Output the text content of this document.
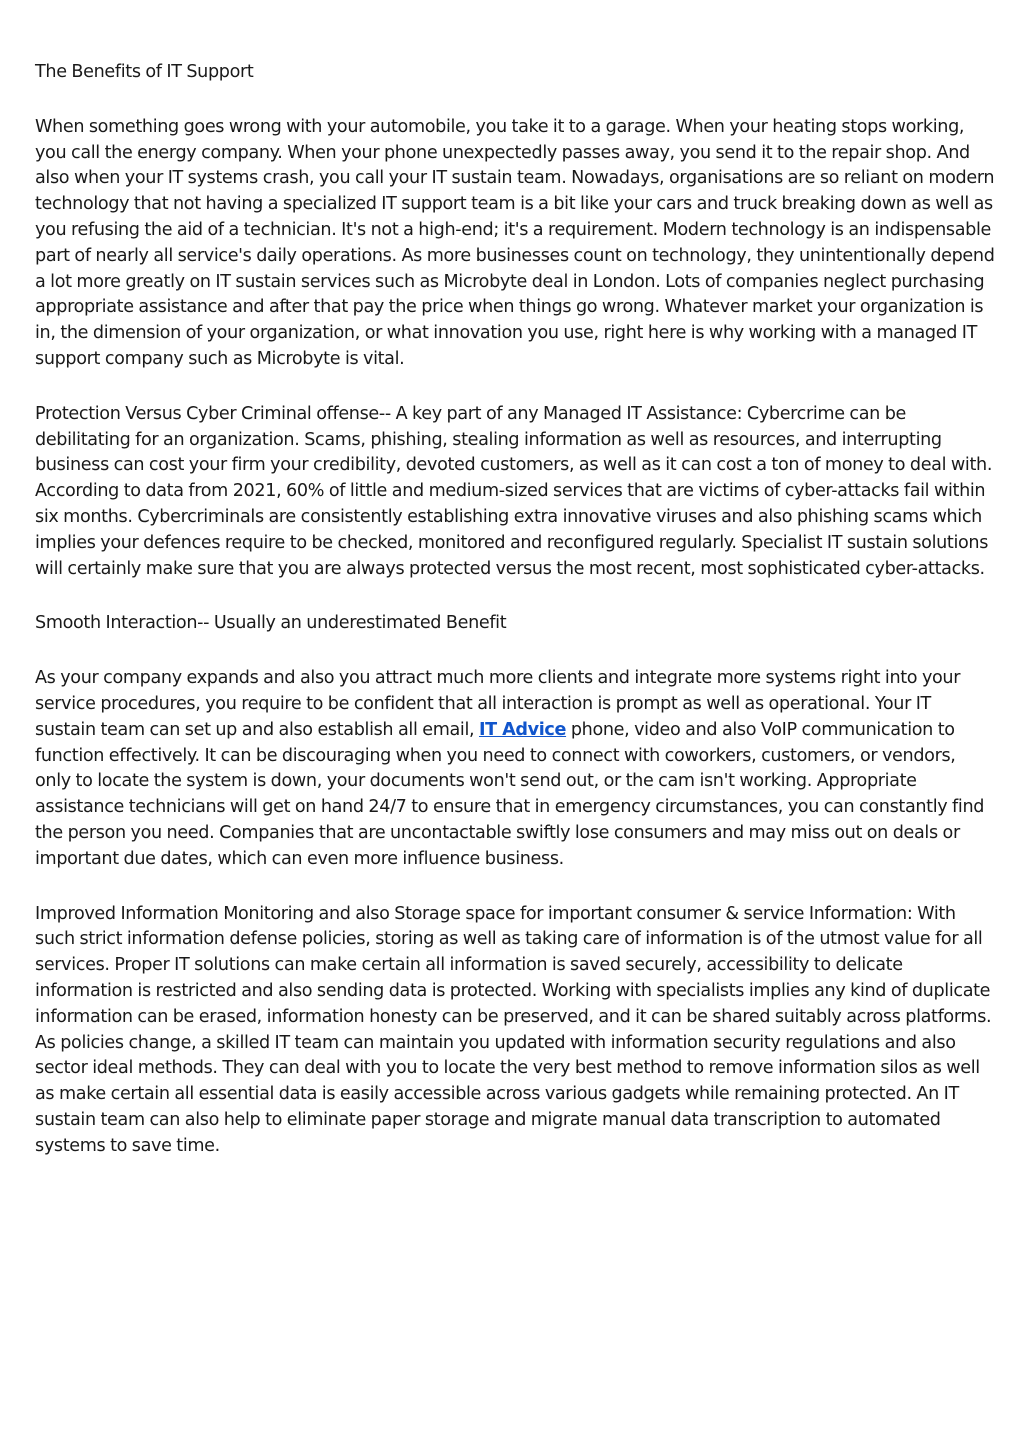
The Benefits of IT Support

When something goes wrong with your automobile, you take it to a garage. When your heating stops working, you call the energy company. When your phone unexpectedly passes away, you send it to the repair shop. And also when your IT systems crash, you call your IT sustain team. Nowadays, organisations are so reliant on modern technology that not having a specialized IT support team is a bit like your cars and truck breaking down as well as you refusing the aid of a technician. It's not a high-end; it's a requirement. Modern technology is an indispensable part of nearly all service's daily operations. As more businesses count on technology, they unintentionally depend a lot more greatly on IT sustain services such as Microbyte deal in London. Lots of companies neglect purchasing appropriate assistance and after that pay the price when things go wrong. Whatever market your organization is in, the dimension of your organization, or what innovation you use, right here is why working with a managed IT support company such as Microbyte is vital.

Protection Versus Cyber Criminal offense-- A key part of any Managed IT Assistance: Cybercrime can be debilitating for an organization. Scams, phishing, stealing information as well as resources, and interrupting business can cost your firm your credibility, devoted customers, as well as it can cost a ton of money to deal with. According to data from 2021, 60% of little and medium-sized services that are victims of cyber-attacks fail within six months. Cybercriminals are consistently establishing extra innovative viruses and also phishing scams which implies your defences require to be checked, monitored and reconfigured regularly. Specialist IT sustain solutions will certainly make sure that you are always protected versus the most recent, most sophisticated cyber-attacks.

Smooth Interaction-- Usually an underestimated Benefit

As your company expands and also you attract much more clients and integrate more systems right into your service procedures, you require to be confident that all interaction is prompt as well as operational. Your IT sustain team can set up and also establish all email, IT Advice phone, video and also VoIP communication to function effectively. It can be discouraging when you need to connect with coworkers, customers, or vendors, only to locate the system is down, your documents won't send out, or the cam isn't working. Appropriate assistance technicians will get on hand 24/7 to ensure that in emergency circumstances, you can constantly find the person you need. Companies that are uncontactable swiftly lose consumers and may miss out on deals or important due dates, which can even more influence business.

Improved Information Monitoring and also Storage space for important consumer & service Information: With such strict information defense policies, storing as well as taking care of information is of the utmost value for all services. Proper IT solutions can make certain all information is saved securely, accessibility to delicate information is restricted and also sending data is protected. Working with specialists implies any kind of duplicate information can be erased, information honesty can be preserved, and it can be shared suitably across platforms. As policies change, a skilled IT team can maintain you updated with information security regulations and also sector ideal methods. They can deal with you to locate the very best method to remove information silos as well as make certain all essential data is easily accessible across various gadgets while remaining protected. An IT sustain team can also help to eliminate paper storage and migrate manual data transcription to automated systems to save time.
